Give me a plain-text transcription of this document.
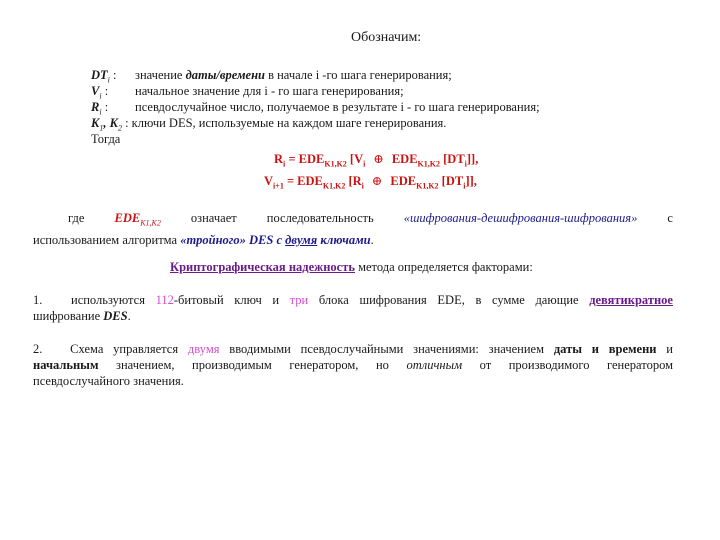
Обозначим:
$DT_i$ : значение даты/времени в начале i -го шага генерирования;
$V_i$ : начальное значение для i - го шага генерирования;
$R_i$ : псевдослучайное число, получаемое в результате i - го шага генерирования;
$K_1$, $K_2$ : ключи DES, используемые на каждом шаге генерирования.
Тогда
$R_i = EDE_{K1,K2}$ [$V_i$ ⊕ $EDE_{K1,K2}$ $[DT_i]$],
$V_{i+1} = EDE_{K1,K2}$ [$R_i$ ⊕ $EDE_{K1,K2}$ $[DT_i]$],
где $EDE_{K1,K2}$ означает последовательность «шифрования-дешифрования-шифрования» с
использованием алгоритма «тройного» DES с двумя ключами.
Криптографическая надежность метода определяется факторами:
1. используются 112-битовый ключ и три блока шифрования EDE, в сумме дающие девятикратное
шифрование DES.
2. Схема управляется двумя вводимыми псевдослучайными значениями: значением даты и времени и
начальным значением, производимым генератором, но отличным от производимого генератором
псевдослучайного значения.
